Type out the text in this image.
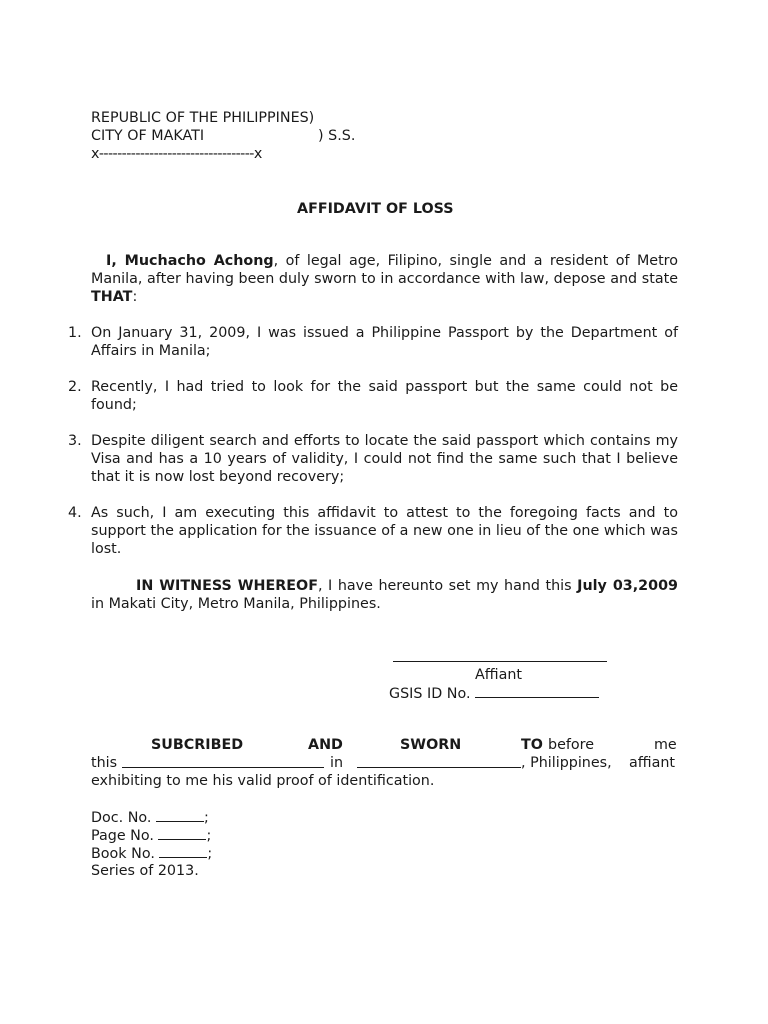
REPUBLIC OF THE PHILIPPINES)
CITY OF MAKATI	) S.S.
x----------------------------------x
AFFIDAVIT OF LOSS
I, Muchacho Achong, of legal age, Filipino, single and a resident of Metro Manila, after having been duly sworn to in accordance with law, depose and state THAT:
1. On January 31, 2009, I was issued a Philippine Passport by the Department of Affairs in Manila;
2. Recently, I had tried to look for the said passport but the same could not be found;
3. Despite diligent search and efforts to locate the said passport which contains my Visa and has a 10 years of validity, I could not find the same such that I believe that it is now lost beyond recovery;
4. As such, I am executing this affidavit to attest to the foregoing facts and to support the application for the issuance of a new one in lieu of the one which was lost.
IN WITNESS WHEREOF, I have hereunto set my hand this July 03,2009 in Makati City, Metro Manila, Philippines.
Affiant
GSIS ID No.
SUBCRIBED	AND	SWORN	TO before	me
this	in	, Philippines, affiant
exhibiting to me his valid proof of identification.
Doc. No.	;
Page No.	;
Book No.	;
Series of 2013.
